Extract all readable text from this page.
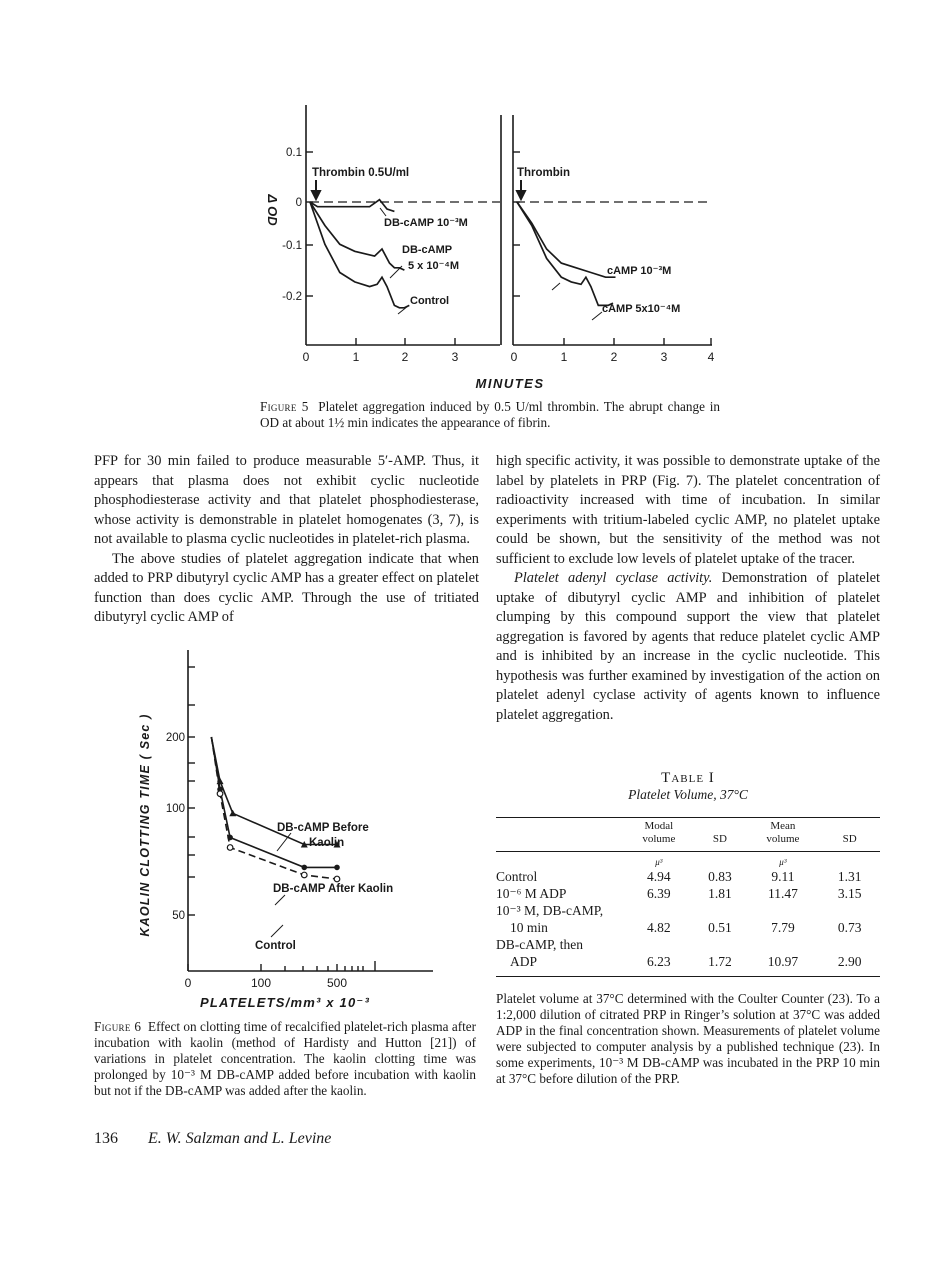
Δ OD
0.1
0
-0.1
-0.2
0	1	2	3	0	1	2	3	4
Thrombin 0.5U/ml	Thrombin
DB-cAMP 10⁻³M
DB-cAMP
5 x 10⁻⁴M
Control
cAMP 10⁻³M
cAMP 5x10⁻⁴M
MINUTES
Figure 5 Platelet aggregation induced by 0.5 U/ml thrombin. The abrupt change in OD at about 1½ min indicates the appearance of fibrin.

PFP for 30 min failed to produce measurable 5′-AMP. Thus, it appears that plasma does not exhibit cyclic nucleotide phosphodiesterase activity and that platelet phosphodiesterase, whose activity is demonstrable in platelet homogenates (3, 7), is not available to plasma cyclic nucleotides in platelet-rich plasma.

The above studies of platelet aggregation indicate that when added to PRP dibutyryl cyclic AMP has a greater effect on platelet function than does cyclic AMP. Through the use of tritiated dibutyryl cyclic AMP of

high specific activity, it was possible to demonstrate uptake of the label by platelets in PRP (Fig. 7). The platelet concentration of radioactivity increased with time of incubation. In similar experiments with tritium-labeled cyclic AMP, no platelet uptake could be shown, but the sensitivity of the method was not sufficient to exclude low levels of platelet uptake of the tracer.

Platelet adenyl cyclase activity. Demonstration of platelet uptake of dibutyryl cyclic AMP and inhibition of platelet clumping by this compound support the view that platelet aggregation is favored by agents that reduce platelet cyclic AMP and is inhibited by an increase in the cyclic nucleotide. This hypothesis was further examined by investigation of the action on platelet adenyl cyclase activity of agents known to influence platelet aggregation.

KAOLIN CLOTTING TIME ( Sec ) 200
100
50
0	100	500
DB-cAMP Before
Kaolin
DB-cAMP After Kaolin
Control
PLATELETS/mm³ x 10⁻³
Figure 6 Effect on clotting time of recalcified platelet-rich plasma after incubation with kaolin (method of Hardisty and Hutton [21]) of variations in platelet concentration. The kaolin clotting time was prolonged by 10⁻³ M DB-cAMP added before incubation with kaolin but not if the DB-cAMP was added after the kaolin.
Table I
Platelet Volume, 37°C
	Modal volume	SD	Mean volume	SD

	μ³		μ³	
Control	4.94	0.83	9.11	1.31
10⁻⁶ M ADP	6.39	1.81	11.47	3.15
10⁻³ M, DB-cAMP,				
10 min	4.82	0.51	7.79	0.73
DB-cAMP, then				
ADP	6.23	1.72	10.97	2.90
Platelet volume at 37°C determined with the Coulter Counter (23). To a 1:2,000 dilution of citrated PRP in Ringer’s solution at 37°C was added ADP in the final concentration shown. Measurements of platelet volume were subjected to computer analysis by a published technique (23). In some experiments, 10⁻³ M DB-cAMP was incubated in the PRP 10 min at 37°C before dilution of the PRP.
136 E. W. Salzman and L. Levine
